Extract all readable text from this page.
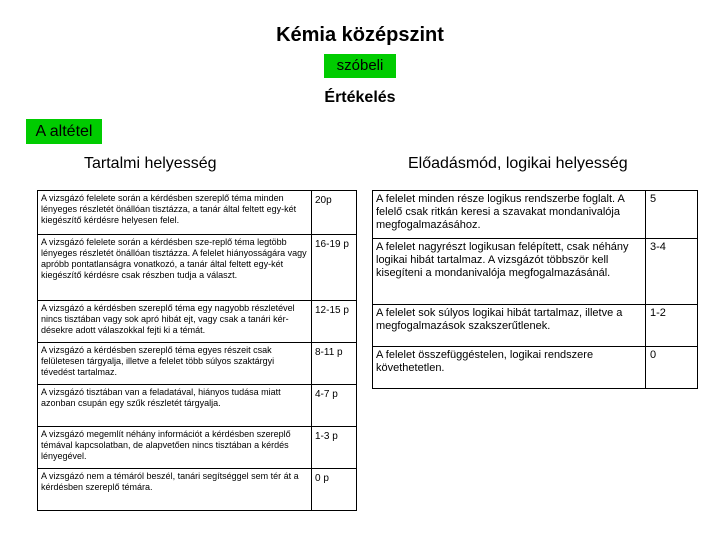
Kémia középszint
szóbeli
Értékelés
A altétel
Tartalmi helyesség	Előadásmód, logikai helyesség
A vizsgázó felelete során a kérdésben szereplő téma minden lényeges részletét önállóan tisztázza, a tanár által feltett egy-két kiegészítő kérdésre helyesen felel.	20p
A vizsgázó felelete során a kérdésben sze-replő téma legtöbb lényeges részletét önállóan tisztázza. A felelet hiányosságára vagy apróbb pontatlanságra vonatkozó, a tanár által feltett egy-két kiegészítő kérdésre csak részben tudja a választ.	16-19 p
A vizsgázó a kérdésben szereplő téma egy nagyobb részletével nincs tisztában vagy sok apró hibát ejt, vagy csak a tanári kér-désekre adott válaszokkal fejti ki a témát.	12-15 p
A vizsgázó a kérdésben szereplő téma egyes részeit csak felületesen tárgyalja, illetve a felelet több súlyos szaktárgyi tévedést tartalmaz.	8-11 p
A vizsgázó tisztában van a feladatával, hiányos tudása miatt azonban csupán egy szűk részletét tárgyalja.	4-7 p
A vizsgázó megemlít néhány információt a kérdésben szereplő témával kapcsolatban, de alapvetően nincs tisztában a kérdés lényegével.	1-3 p
A vizsgázó nem a témáról beszél, tanári segítséggel sem tér át a kérdésben szereplő témára.	0 p
A felelet minden része logikus rendszerbe foglalt. A felelő csak ritkán keresi a szavakat mondanivalója megfogalmazásához.	5
A felelet nagyrészt logikusan felépített, csak néhány logikai hibát tartalmaz. A vizsgázót többször kell kisegíteni a mondanivalója megfogalmazásánál.	3-4
A felelet sok súlyos logikai hibát tartalmaz, illetve a megfogalmazások szakszerűtlenek.	1-2
A felelet összefüggéstelen, logikai rendszere követhetetlen.	0
